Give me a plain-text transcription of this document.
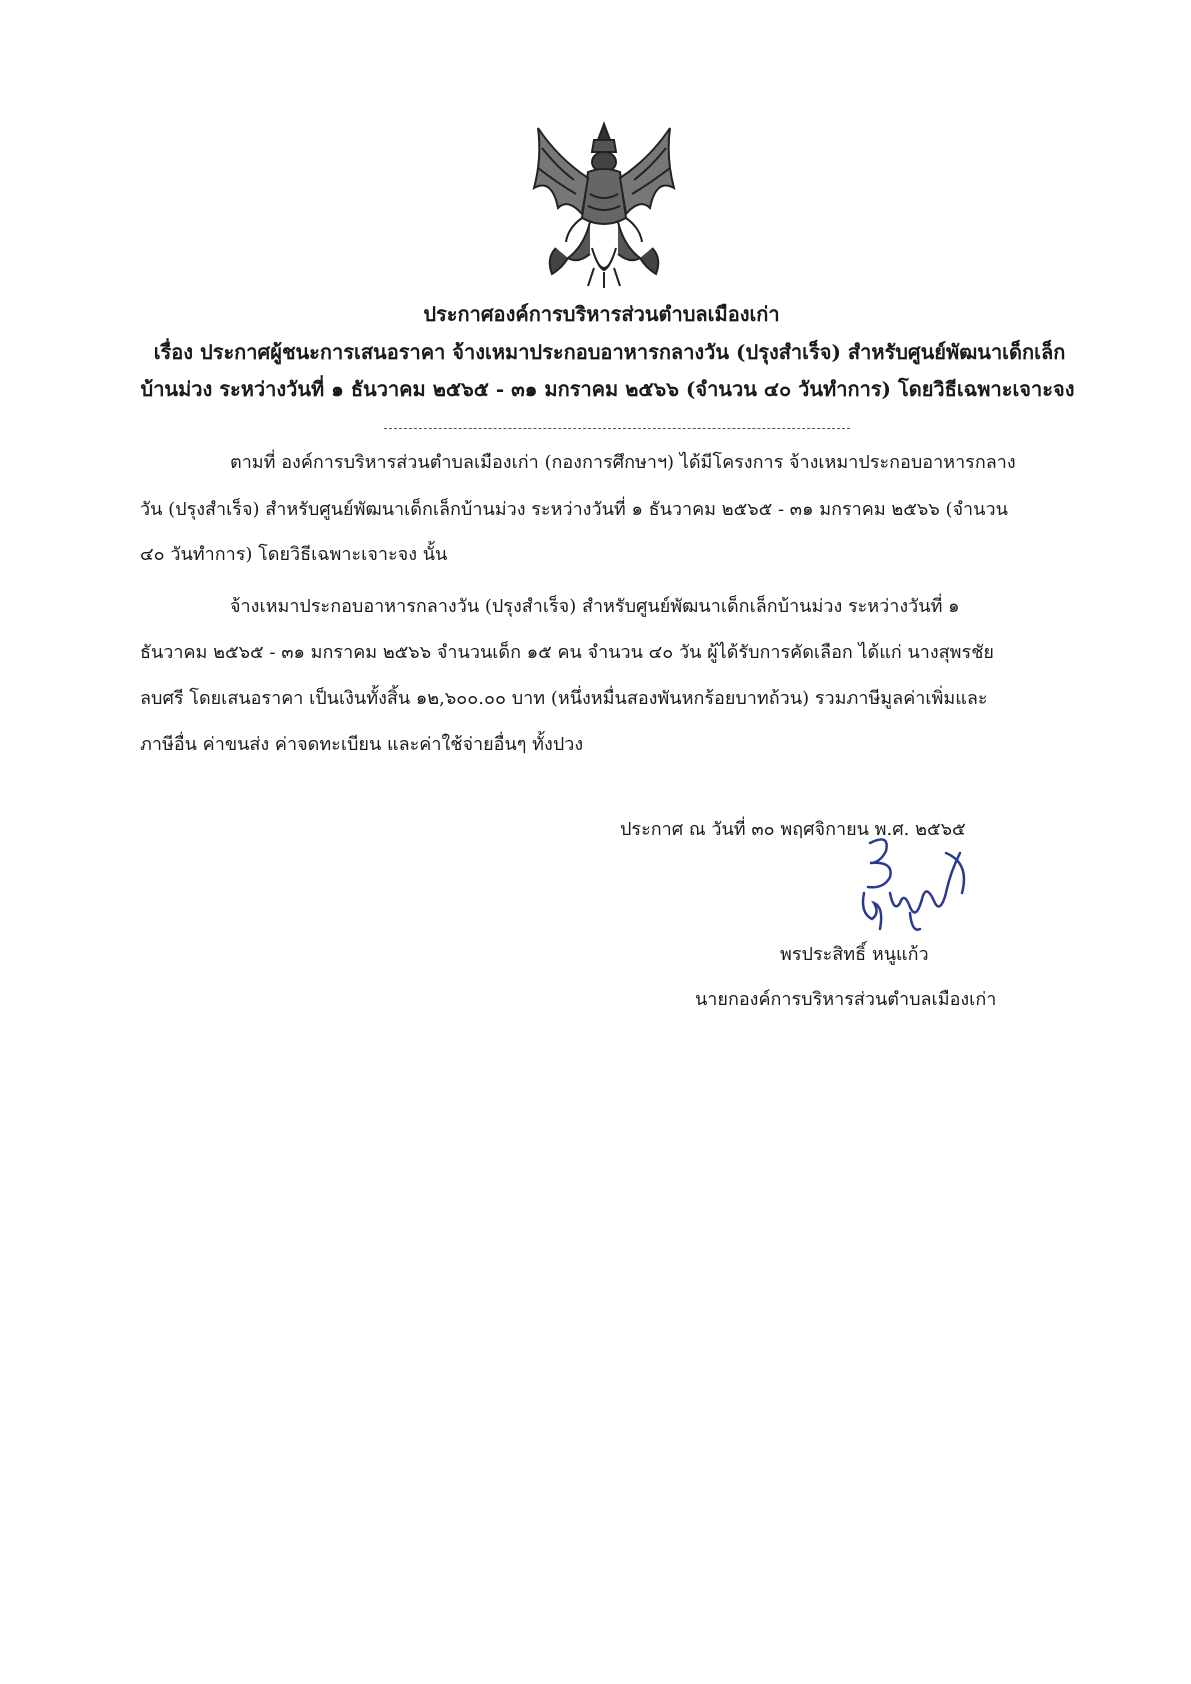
ประกาศองค์การบริหารส่วนตำบลเมืองเก่า
เรื่อง ประกาศผู้ชนะการเสนอราคา จ้างเหมาประกอบอาหารกลางวัน (ปรุงสำเร็จ) สำหรับศูนย์พัฒนาเด็กเล็ก
บ้านม่วง ระหว่างวันที่ ๑ ธันวาคม ๒๕๖๕ - ๓๑ มกราคม ๒๕๖๖ (จำนวน ๔๐ วันทำการ) โดยวิธีเฉพาะเจาะจง
ตามที่ องค์การบริหารส่วนตำบลเมืองเก่า (กองการศึกษาฯ) ได้มีโครงการ จ้างเหมาประกอบอาหารกลาง
วัน (ปรุงสำเร็จ) สำหรับศูนย์พัฒนาเด็กเล็กบ้านม่วง ระหว่างวันที่ ๑ ธันวาคม ๒๕๖๕ - ๓๑ มกราคม ๒๕๖๖ (จำนวน
๔๐ วันทำการ) โดยวิธีเฉพาะเจาะจง นั้น
จ้างเหมาประกอบอาหารกลางวัน (ปรุงสำเร็จ) สำหรับศูนย์พัฒนาเด็กเล็กบ้านม่วง ระหว่างวันที่ ๑
ธันวาคม ๒๕๖๕ - ๓๑ มกราคม ๒๕๖๖ จำนวนเด็ก ๑๕ คน จำนวน ๔๐ วัน ผู้ได้รับการคัดเลือก ได้แก่ นางสุพรชัย
ลบศรี โดยเสนอราคา เป็นเงินทั้งสิ้น ๑๒,๖๐๐.๐๐ บาท (หนึ่งหมื่นสองพันหกร้อยบาทถ้วน) รวมภาษีมูลค่าเพิ่มและ
ภาษีอื่น ค่าขนส่ง ค่าจดทะเบียน และค่าใช้จ่ายอื่นๆ ทั้งปวง
ประกาศ ณ วันที่ ๓๐ พฤศจิกายน พ.ศ. ๒๕๖๕
พรประสิทธิ์ หนูแก้ว
นายกองค์การบริหารส่วนตำบลเมืองเก่า
